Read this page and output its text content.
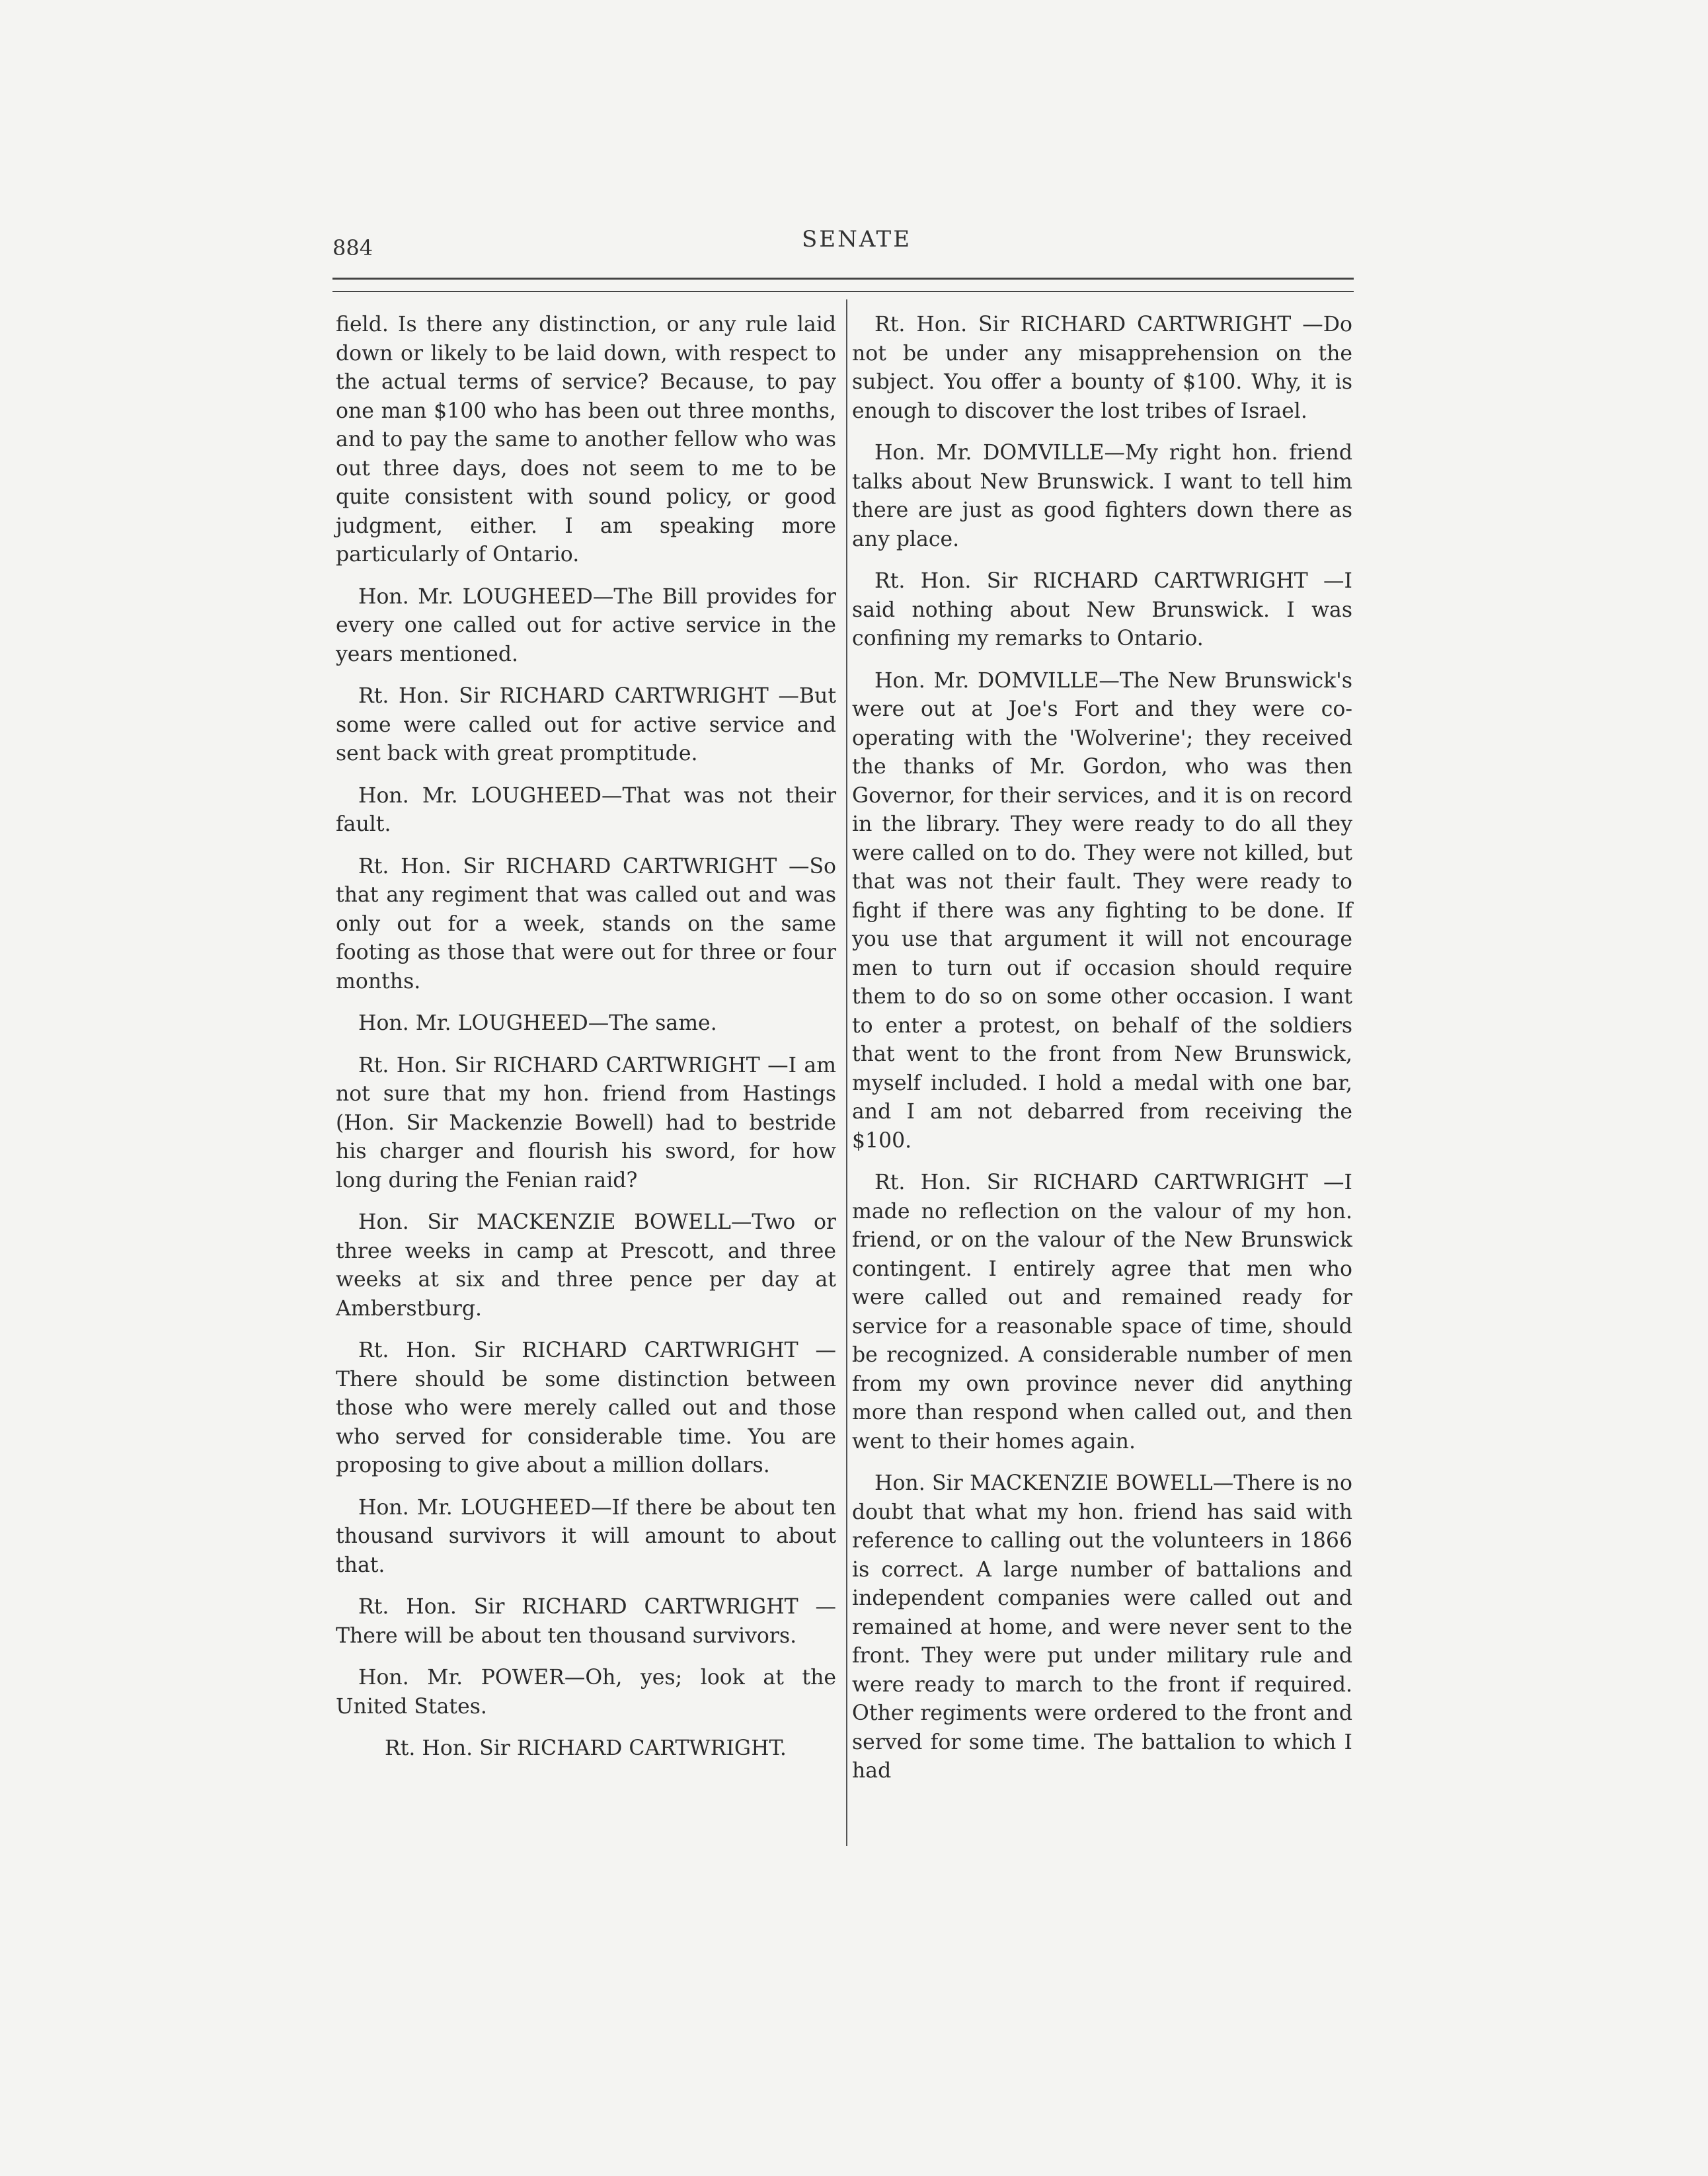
884	SENATE

field. Is there any distinction, or any rule laid down or likely to be laid down, with respect to the actual terms of service? Because, to pay one man $100 who has been out three months, and to pay the same to another fellow who was out three days, does not seem to me to be quite consistent with sound policy, or good judgment, either. I am speaking more particularly of Ontario.

Hon. Mr. LOUGHEED—The Bill provides for every one called out for active service in the years mentioned.

Rt. Hon. Sir RICHARD CARTWRIGHT —But some were called out for active service and sent back with great promptitude.

Hon. Mr. LOUGHEED—That was not their fault.

Rt. Hon. Sir RICHARD CARTWRIGHT —So that any regiment that was called out and was only out for a week, stands on the same footing as those that were out for three or four months.

Hon. Mr. LOUGHEED—The same.

Rt. Hon. Sir RICHARD CARTWRIGHT —I am not sure that my hon. friend from Hastings (Hon. Sir Mackenzie Bowell) had to bestride his charger and flourish his sword, for how long during the Fenian raid?

Hon. Sir MACKENZIE BOWELL—Two or three weeks in camp at Prescott, and three weeks at six and three pence per day at Amberstburg.

Rt. Hon. Sir RICHARD CARTWRIGHT —There should be some distinction between those who were merely called out and those who served for considerable time. You are proposing to give about a million dollars.

Hon. Mr. LOUGHEED—If there be about ten thousand survivors it will amount to about that.

Rt. Hon. Sir RICHARD CARTWRIGHT —There will be about ten thousand survivors.

Hon. Mr. POWER—Oh, yes; look at the United States.

Rt. Hon. Sir RICHARD CARTWRIGHT.

Rt. Hon. Sir RICHARD CARTWRIGHT —Do not be under any misapprehension on the subject. You offer a bounty of $100. Why, it is enough to discover the lost tribes of Israel.

Hon. Mr. DOMVILLE—My right hon. friend talks about New Brunswick. I want to tell him there are just as good fighters down there as any place.

Rt. Hon. Sir RICHARD CARTWRIGHT —I said nothing about New Brunswick. I was confining my remarks to Ontario.

Hon. Mr. DOMVILLE—The New Brunswick's were out at Joe's Fort and they were co-operating with the 'Wolverine'; they received the thanks of Mr. Gordon, who was then Governor, for their services, and it is on record in the library. They were ready to do all they were called on to do. They were not killed, but that was not their fault. They were ready to fight if there was any fighting to be done. If you use that argument it will not encourage men to turn out if occasion should require them to do so on some other occasion. I want to enter a protest, on behalf of the soldiers that went to the front from New Brunswick, myself included. I hold a medal with one bar, and I am not debarred from receiving the $100.

Rt. Hon. Sir RICHARD CARTWRIGHT —I made no reflection on the valour of my hon. friend, or on the valour of the New Brunswick contingent. I entirely agree that men who were called out and remained ready for service for a reasonable space of time, should be recognized. A considerable number of men from my own province never did anything more than respond when called out, and then went to their homes again.

Hon. Sir MACKENZIE BOWELL—There is no doubt that what my hon. friend has said with reference to calling out the volunteers in 1866 is correct. A large number of battalions and independent companies were called out and remained at home, and were never sent to the front. They were put under military rule and were ready to march to the front if required. Other regiments were ordered to the front and served for some time. The battalion to which I had
